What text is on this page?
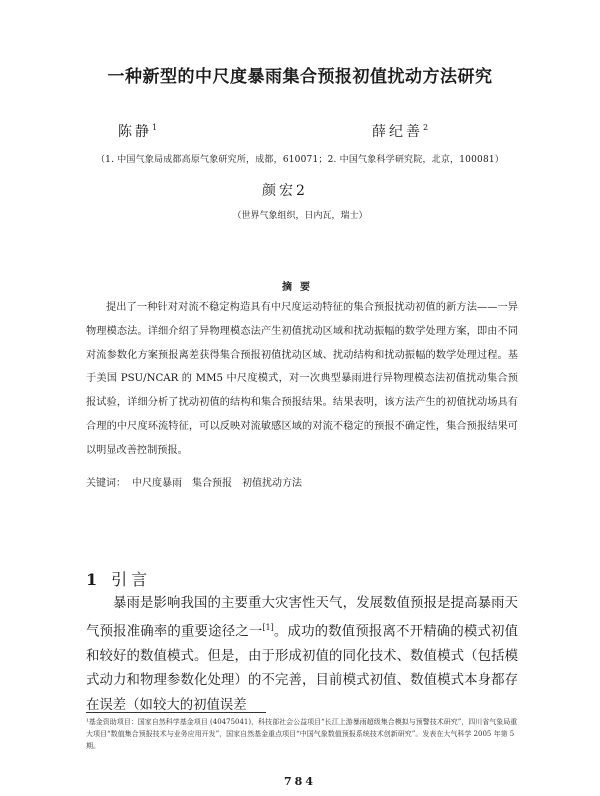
一种新型的中尺度暴雨集合预报初值扰动方法研究
陈静$^1$	薛纪善$^2$
（1. 中国气象局成都高原气象研究所，成都，610071；2. 中国气象科学研究院，北京，100081）
颜宏2
（世界气象组织，日内瓦，瑞士）
摘要
提出了一种针对对流不稳定构造具有中尺度运动特征的集合预报扰动初值的新方法——一异物理模态法。详细介绍了异物理模态法产生初值扰动区域和扰动振幅的数学处理方案，即由不同对流参数化方案预报离差获得集合预报初值扰动区域、扰动结构和扰动振幅的数学处理过程。基于美国 PSU/NCAR 的 MM5 中尺度模式，对一次典型暴雨进行异物理模态法初值扰动集合预报试验，详细分析了扰动初值的结构和集合预报结果。结果表明，该方法产生的初值扰动场具有合理的中尺度环流特征，可以反映对流敏感区域的对流不稳定的预报不确定性，集合预报结果可以明显改善控制预报。
关键词： 中尺度暴雨　集合预报　初值扰动方法
1 引言
暴雨是影响我国的主要重大灾害性天气，发展数值预报是提高暴雨天气预报准确率的重要途径之一[1]。成功的数值预报离不开精确的模式初值和较好的数值模式。但是，由于形成初值的同化技术、数值模式（包括模式动力和物理参数化处理）的不完善，目前模式初值、数值模式本身都存在误差（如较大的初值误差
¹基金资助项目：国家自然科学基金项目 (40475041)，科技部社会公益项目“长江上游暴雨超级集合模拟与预警技术研究”，四川省气象局重大项目“数值集合预报技术与业务应用开发”，国家自然基金重点项目“中国气象数值预报系统技术创新研究”。发表在大气科学 2005 年第 5 期。
784
